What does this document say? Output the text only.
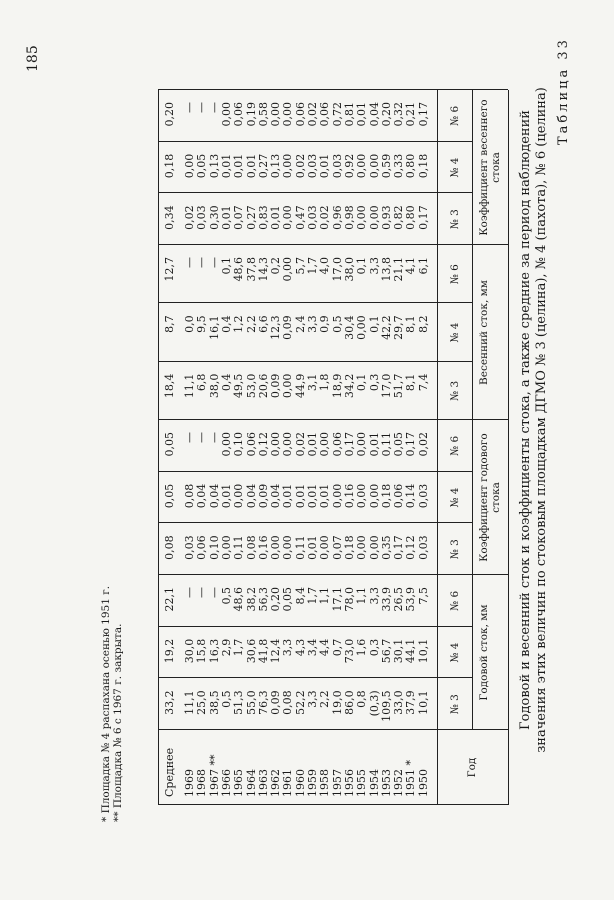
Таблица 33
Годовой и весенний сток и коэффициенты стока, а также средние за период наблюдений значения этих величин по стоковым площадкам ДГМО № 3 (целина), № 4 (пахота), № 6 (целина)
Год
Годовой сток, мм
Коэффициент годового стока
Весенний сток, мм
Коэффициент весеннего стока
№ 3
№ 4
№ 6
№ 3
№ 4
№ 6
№ 3
№ 4
№ 6
№ 3
№ 4
№ 6
1950
10,1
10,1
7,5
0,03
0,03
0,02
7,4
8,2
6,1
0,17
0,18
0,17
1951 *
37,9
44,1
53,9
0,12
0,14
0,17
8,1
8,1
4,1
0,80
0,80
0,21
1952
33,0
30,1
26,5
0,17
0,06
0,05
51,7
29,7
21,1
0,82
0,33
0,32
1953
109,5
56,7
33,9
0,35
0,18
0,11
17,0
42,2
13,8
0,93
0,59
0,20
1954
(0,3)
0,3
3,3
0,00
0,00
0,01
0,3
0,1
3,3
0,00
0,00
0,04
1955
0,8
1,6
1,1
0,00
0,00
0,00
0,1
0,00
0,1
0,00
0,00
0,01
1956
86,0
73,0
78,0
0,18
0,16
0,17
34,2
30,4
38,0
0,98
0,92
0,81
1957
19,0
0,7
17,1
0,07
0,00
0,06
18,9
0,5
17,0
0,96
0,03
0,72
1958
2,2
4,4
1,1
0,00
0,01
0,00
1,8
0,9
4,0
0,02
0,01
0,06
1959
3,3
3,4
1,7
0,01
0,01
0,01
3,1
3,3
1,7
0,03
0,03
0,02
1960
52,2
4,3
8,4
0,11
0,01
0,02
44,9
2,4
5,7
0,47
0,02
0,06
1961
0,08
3,3
0,05
0,00
0,01
0,00
0,00
0,09
0,00
0,00
0,00
0,00
1962
0,09
12,4
0,20
0,00
0,04
0,00
0,09
12,3
0,2
0,01
0,13
0,00
1963
76,3
41,8
56,3
0,16
0,09
0,12
20,6
6,6
14,3
0,83
0,27
0,58
1964
55,0
30,6
38,2
0,08
0,04
0,06
53,0
2,2
37,8
0,27
0,01
0,19
1965
51,3
1,7
48,6
0,11
0,00
0,10
49,5
1,2
48,6
0,07
0,01
0,06
1966
0,5
2,9
0,5
0,00
0,01
0,00
0,4
0,4
0,1
0,01
0,01
0,00
1967 **
38,5
16,3
—
0,10
0,04
—
38,0
16,1
—
0,30
0,13
—
1968
25,0
15,8
—
0,06
0,04
—
6,8
9,5
—
0,03
0,05
—
1969
11,1
30,0
—
0,03
0,08
—
11,1
0,0
—
0,02
0,00
—
Среднее
33,2
19,2
22,1
0,08
0,05
0,05
18,4
8,7
12,7
0,34
0,18
0,20
* Площадка № 4 распахана осенью 1951 г. ** Площадка № 6 с 1967 г. закрыта.
185
